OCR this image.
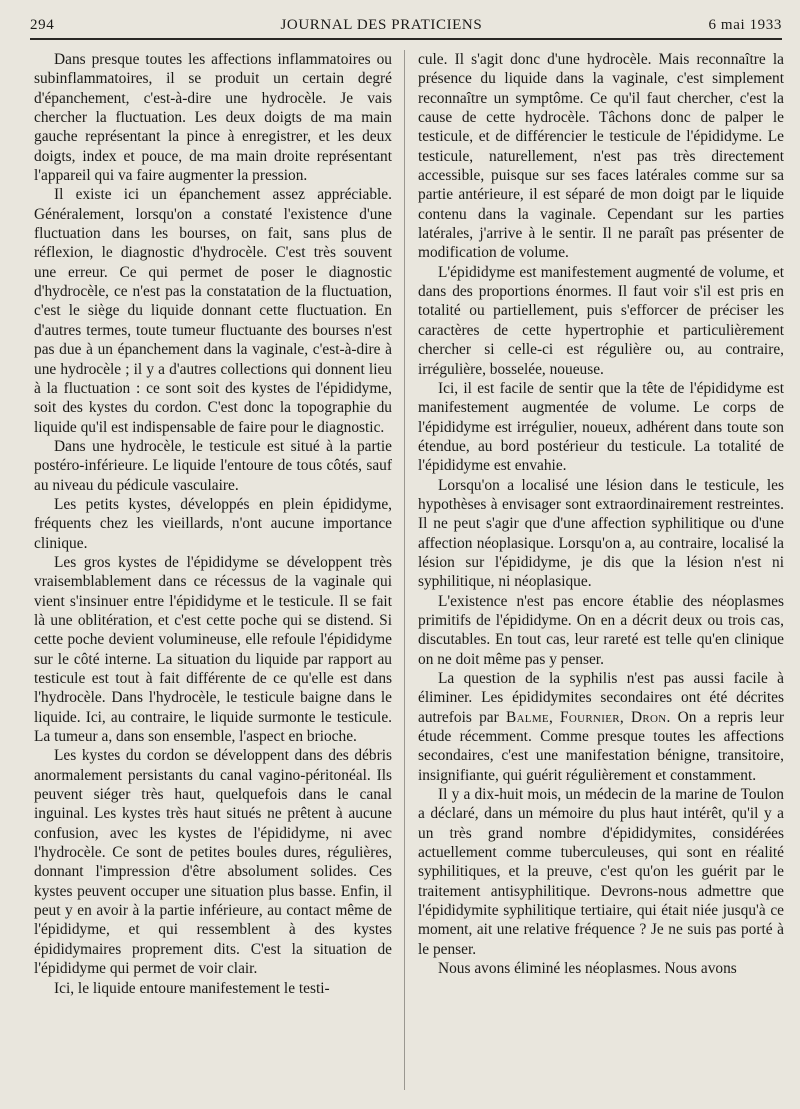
294	JOURNAL DES PRATICIENS	6 mai 1933

Dans presque toutes les affections inflammatoires ou subinflammatoires, il se produit un certain degré d'épanchement, c'est-à-dire une hydrocèle. Je vais chercher la fluctuation. Les deux doigts de ma main gauche représentant la pince à enregistrer, et les deux doigts, index et pouce, de ma main droite représentant l'appareil qui va faire augmenter la pression.

Il existe ici un épanchement assez appréciable. Généralement, lorsqu'on a constaté l'existence d'une fluctuation dans les bourses, on fait, sans plus de réflexion, le diagnostic d'hydrocèle. C'est très souvent une erreur. Ce qui permet de poser le diagnostic d'hydrocèle, ce n'est pas la constatation de la fluctuation, c'est le siège du liquide donnant cette fluctuation. En d'autres termes, toute tumeur fluctuante des bourses n'est pas due à un épanchement dans la vaginale, c'est-à-dire à une hydrocèle ; il y a d'autres collections qui donnent lieu à la fluctuation : ce sont soit des kystes de l'épididyme, soit des kystes du cordon. C'est donc la topographie du liquide qu'il est indispensable de faire pour le diagnostic.

Dans une hydrocèle, le testicule est situé à la partie postéro-inférieure. Le liquide l'entoure de tous côtés, sauf au niveau du pédicule vasculaire.

Les petits kystes, développés en plein épididyme, fréquents chez les vieillards, n'ont aucune importance clinique.

Les gros kystes de l'épididyme se développent très vraisemblablement dans ce récessus de la vaginale qui vient s'insinuer entre l'épididyme et le testicule. Il se fait là une oblitération, et c'est cette poche qui se distend. Si cette poche devient volumineuse, elle refoule l'épididyme sur le côté interne. La situation du liquide par rapport au testicule est tout à fait différente de ce qu'elle est dans l'hydrocèle. Dans l'hydrocèle, le testicule baigne dans le liquide. Ici, au contraire, le liquide surmonte le testicule. La tumeur a, dans son ensemble, l'aspect en brioche.

Les kystes du cordon se développent dans des débris anormalement persistants du canal vagino-péritonéal. Ils peuvent siéger très haut, quelquefois dans le canal inguinal. Les kystes très haut situés ne prêtent à aucune confusion, avec les kystes de l'épididyme, ni avec l'hydrocèle. Ce sont de petites boules dures, régulières, donnant l'impression d'être absolument solides. Ces kystes peuvent occuper une situation plus basse. Enfin, il peut y en avoir à la partie inférieure, au contact même de l'épididyme, et qui ressemblent à des kystes épididymaires proprement dits. C'est la situation de l'épididyme qui permet de voir clair.

Ici, le liquide entoure manifestement le testi-

cule. Il s'agit donc d'une hydrocèle. Mais reconnaître la présence du liquide dans la vaginale, c'est simplement reconnaître un symptôme. Ce qu'il faut chercher, c'est la cause de cette hydrocèle. Tâchons donc de palper le testicule, et de différencier le testicule de l'épididyme. Le testicule, naturellement, n'est pas très directement accessible, puisque sur ses faces latérales comme sur sa partie antérieure, il est séparé de mon doigt par le liquide contenu dans la vaginale. Cependant sur les parties latérales, j'arrive à le sentir. Il ne paraît pas présenter de modification de volume.

L'épididyme est manifestement augmenté de volume, et dans des proportions énormes. Il faut voir s'il est pris en totalité ou partiellement, puis s'efforcer de préciser les caractères de cette hypertrophie et particulièrement chercher si celle-ci est régulière ou, au contraire, irrégulière, bosselée, noueuse.

Ici, il est facile de sentir que la tête de l'épididyme est manifestement augmentée de volume. Le corps de l'épididyme est irrégulier, noueux, adhérent dans toute son étendue, au bord postérieur du testicule. La totalité de l'épididyme est envahie.

Lorsqu'on a localisé une lésion dans le testicule, les hypothèses à envisager sont extraordinairement restreintes. Il ne peut s'agir que d'une affection syphilitique ou d'une affection néoplasique. Lorsqu'on a, au contraire, localisé la lésion sur l'épididyme, je dis que la lésion n'est ni syphilitique, ni néoplasique.

L'existence n'est pas encore établie des néoplasmes primitifs de l'épididyme. On en a décrit deux ou trois cas, discutables. En tout cas, leur rareté est telle qu'en clinique on ne doit même pas y penser.

La question de la syphilis n'est pas aussi facile à éliminer. Les épididymites secondaires ont été décrites autrefois par Balme, Fournier, Dron. On a repris leur étude récemment. Comme presque toutes les affections secondaires, c'est une manifestation bénigne, transitoire, insignifiante, qui guérit régulièrement et constamment.

Il y a dix-huit mois, un médecin de la marine de Toulon a déclaré, dans un mémoire du plus haut intérêt, qu'il y a un très grand nombre d'épididymites, considérées actuellement comme tuberculeuses, qui sont en réalité syphilitiques, et la preuve, c'est qu'on les guérit par le traitement antisyphilitique. Devrons-nous admettre que l'épididymite syphilitique tertiaire, qui était niée jusqu'à ce moment, ait une relative fréquence ? Je ne suis pas porté à le penser.

Nous avons éliminé les néoplasmes. Nous avons
